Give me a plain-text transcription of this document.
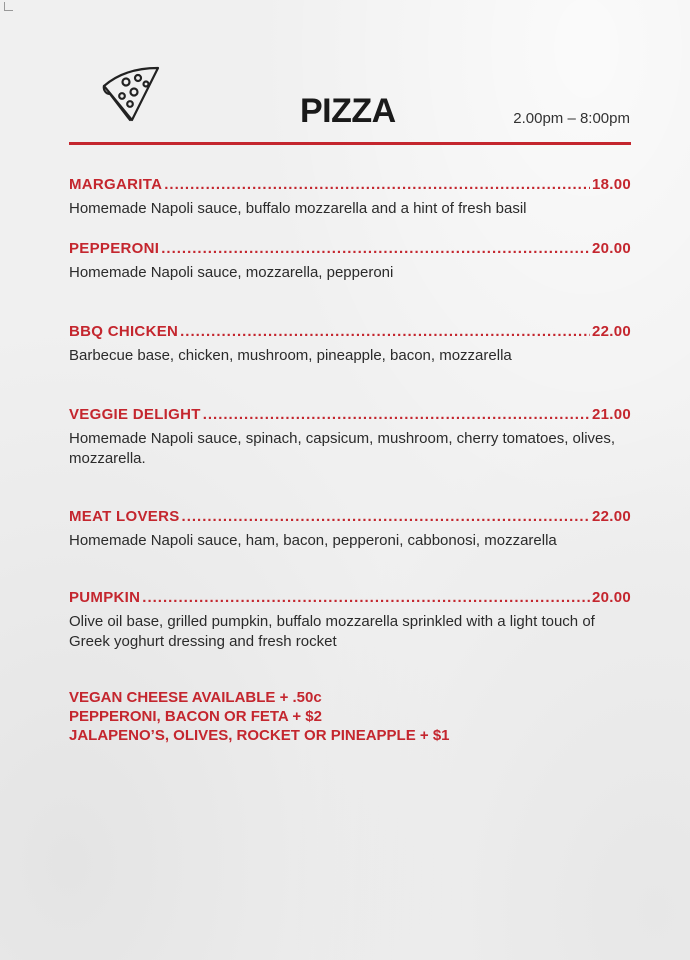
PIZZA	2.00pm – 8:00pm
MARGARITA .....	18.00
Homemade Napoli sauce, buffalo mozzarella and a hint of fresh basil
PEPPERONI .....	20.00
Homemade Napoli sauce, mozzarella, pepperoni
BBQ CHICKEN .....	22.00
Barbecue base, chicken, mushroom, pineapple, bacon, mozzarella
VEGGIE DELIGHT .....	21.00
Homemade Napoli sauce, spinach, capsicum, mushroom, cherry tomatoes, olives, mozzarella.
MEAT LOVERS .....	22.00
Homemade Napoli sauce, ham, bacon, pepperoni, cabbonosi, mozzarella
PUMPKIN .....	20.00
Olive oil base, grilled pumpkin, buffalo mozzarella sprinkled with a light touch of Greek yoghurt dressing and fresh rocket
VEGAN CHEESE AVAILABLE + .50c
PEPPERONI, BACON OR FETA + $2
JALAPENO’S, OLIVES, ROCKET OR PINEAPPLE + $1
